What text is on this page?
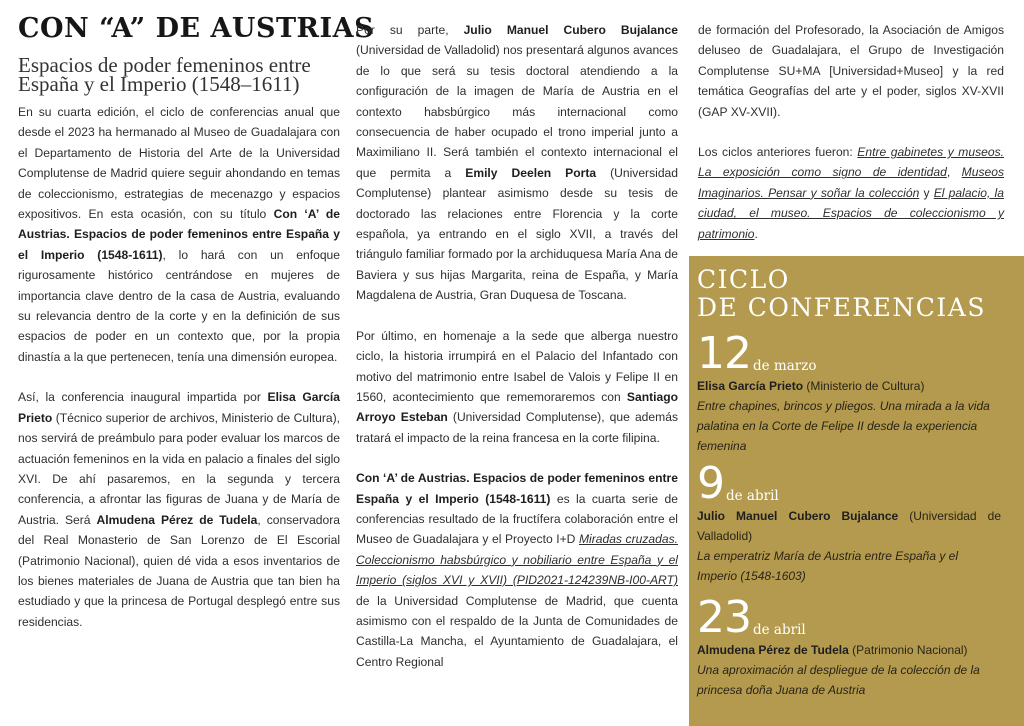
CON “A” DE AUSTRIAS
Espacios de poder femeninos entre
España y el Imperio (1548–1611)

En su cuarta edición, el ciclo de conferencias anual que desde el 2023 ha hermanado al Museo de Guadalajara con el Departamento de Historia del Arte de la Universidad Complutense de Madrid quiere seguir ahondando en temas de coleccionismo, estrategias de mecenazgo y espacios expositivos. En esta ocasión, con su título Con ‘A’ de Austrias. Espacios de poder femeninos entre España y el Imperio (1548-1611), lo hará con un enfoque rigurosamente histórico centrándose en mujeres de importancia clave dentro de la casa de Austria, evaluando su relevancia dentro de la corte y en la definición de sus espacios de poder en un contexto que, por la propia dinastía a la que pertenecen, tenía una dimensión europea.

Así, la conferencia inaugural impartida por Elisa García Prieto (Técnico superior de archivos, Ministerio de Cultura), nos servirá de preámbulo para poder evaluar los marcos de actuación femeninos en la vida en palacio a finales del siglo XVI. De ahí pasaremos, en la segunda y tercera conferencia, a afrontar las figuras de Juana y de María de Austria. Será Almudena Pérez de Tudela, conservadora del Real Monasterio de San Lorenzo de El Escorial (Patrimonio Nacional), quien dé vida a esos inventarios de los bienes materiales de Juana de Austria que tan bien ha estudiado y que la princesa de Portugal desplegó entre sus residencias.

Por su parte, Julio Manuel Cubero Bujalance (Universidad de Valladolid) nos presentará algunos avances de lo que será su tesis doctoral atendiendo a la configuración de la imagen de María de Austria en el contexto habsbúrgico más internacional como consecuencia de haber ocupado el trono imperial junto a Maximiliano II. Será también el contexto internacional el que permita a Emily Deelen Porta (Universidad Complutense) plantear asimismo desde su tesis de doctorado las relaciones entre Florencia y la corte española, ya entrando en el siglo XVII, a través del triángulo familiar formado por la archiduquesa María Ana de Baviera y sus hijas Margarita, reina de España, y María Magdalena de Austria, Gran Duquesa de Toscana.

Por último, en homenaje a la sede que alberga nuestro ciclo, la historia irrumpirá en el Palacio del Infantado con motivo del matrimonio entre Isabel de Valois y Felipe II en 1560, acontecimiento que rememoraremos con Santiago Arroyo Esteban (Universidad Complutense), que además tratará el impacto de la reina francesa en la corte filipina.

Con ‘A’ de Austrias. Espacios de poder femeninos entre España y el Imperio (1548-1611) es la cuarta serie de conferencias resultado de la fructífera colaboración entre el Museo de Guadalajara y el Proyecto I+D Miradas cruzadas. Coleccionismo habsbúrgico y nobiliario entre España y el Imperio (siglos XVI y XVII) (PID2021-124239NB-I00-ART) de la Universidad Complutense de Madrid, que cuenta asimismo con el respaldo de la Junta de Comunidades de Castilla-La Mancha, el Ayuntamiento de Guadalajara, el Centro Regional

de formación del Profesorado, la Asociación de Amigos deluseo de Guadalajara, el Grupo de Investigación Complutense SU+MA [Universidad+Museo] y la red temática Geografías del arte y el poder, siglos XV-XVII (GAP XV-XVII).

Los ciclos anteriores fueron: Entre gabinetes y museos. La exposición como signo de identidad, Museos Imaginarios. Pensar y soñar la colección y El palacio, la ciudad, el museo. Espacios de coleccionismo y patrimonio.

CICLO
DE CONFERENCIAS
12 de marzo
Elisa García Prieto (Ministerio de Cultura)
Entre chapines, brincos y pliegos. Una mirada a la vida palatina en la Corte de Felipe II desde la experiencia femenina
9 de abril
Julio Manuel Cubero Bujalance (Universidad de Valladolid)
La emperatriz María de Austria entre España y el Imperio (1548-1603)
23 de abril
Almudena Pérez de Tudela (Patrimonio Nacional)
Una aproximación al despliegue de la colección de la princesa doña Juana de Austria
